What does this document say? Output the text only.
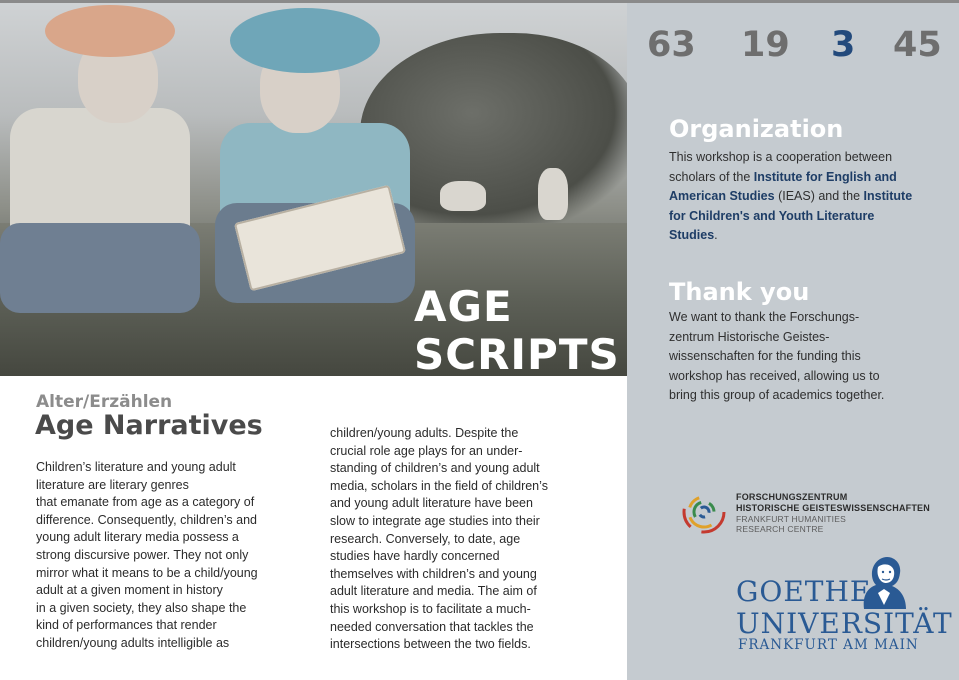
AGE
SCRIPTS
63 19 3 45
Organization
This workshop is a cooperation between scholars of the Institute for English and American Studies (IEAS) and the Institute for Children's and Youth Literature Studies.
Thank you
We want to thank the Forschungs-
zentrum Historische Geistes-
wissenschaften for the funding this
workshop has received, allowing us to
bring this group of academics together.
FORSCHUNGSZENTRUM
HISTORISCHE GEISTESWISSENSCHAFTEN
FRANKFURT HUMANITIES
RESEARCH CENTRE
GOETHE
UNIVERSITÄT
FRANKFURT AM MAIN
Alter/Erzählen
Age Narratives
Children’s literature and young adult
literature are literary genres
that emanate from age as a category of
difference. Consequently, children’s and
young adult literary media possess a
strong discursive power. They not only
mirror what it means to be a child/young
adult at a given moment in history
in a given society, they also shape the
kind of performances that render
children/young adults intelligible as
children/young adults. Despite the
crucial role age plays for an under-
standing of children’s and young adult
media, scholars in the field of children’s
and young adult literature have been
slow to integrate age studies into their
research. Conversely, to date, age
studies have hardly concerned
themselves with children’s and young
adult literature and media. The aim of
this workshop is to facilitate a much-
needed conversation that tackles the
intersections between the two fields.
